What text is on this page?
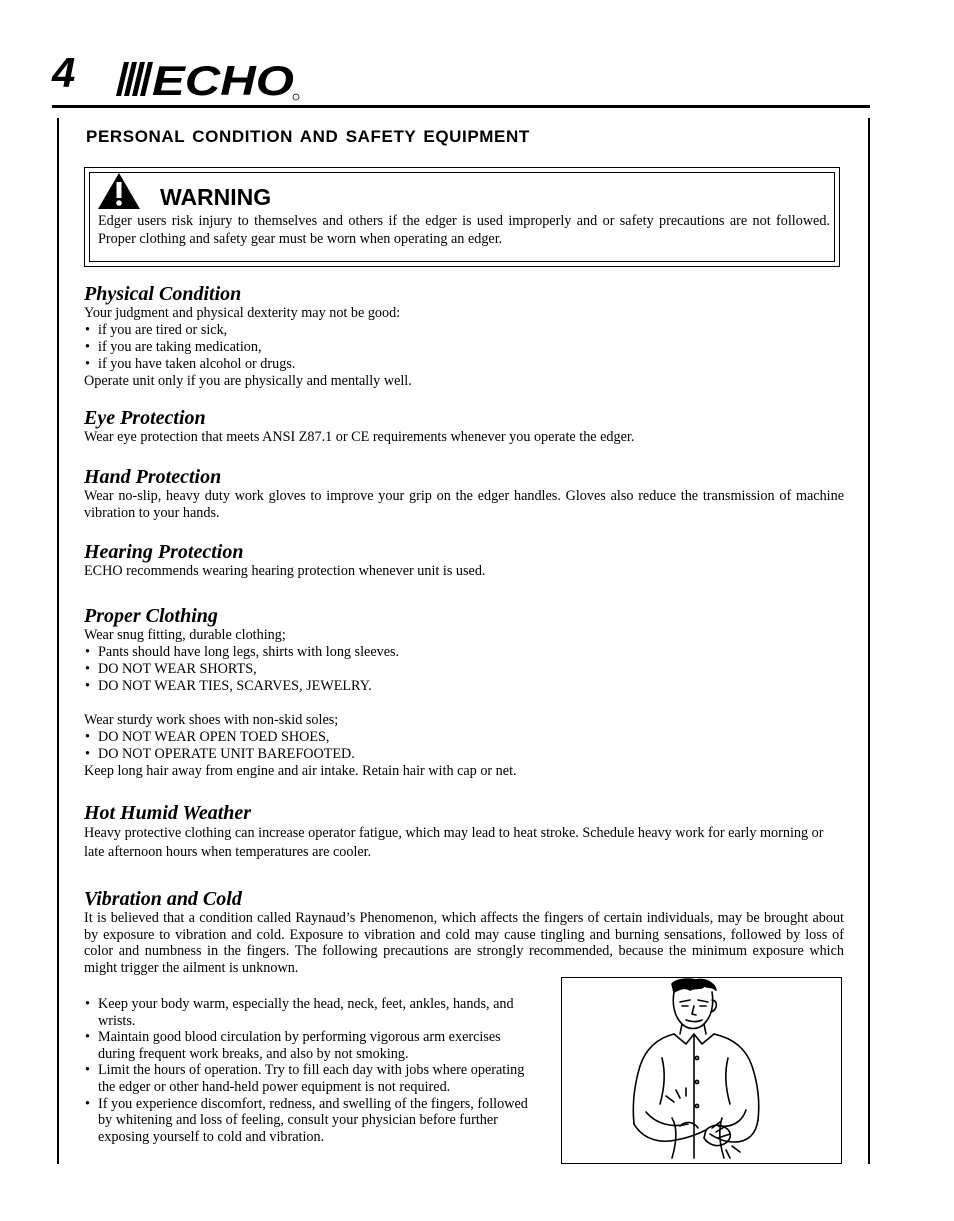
4 ECHO
PERSONAL CONDITION AND SAFETY EQUIPMENT
WARNING
Edger users risk injury to themselves and others if the edger is used improperly and or safety precautions are not followed. Proper clothing and safety gear must be worn when operating an edger.
Physical Condition
Your judgment and physical dexterity may not be good:
• if you are tired or sick,
• if you are taking medication,
• if you have taken alcohol or drugs.
Operate unit only if you are physically and mentally well.
Eye Protection
Wear eye protection that meets ANSI Z87.1 or CE requirements whenever you operate the edger.
Hand Protection
Wear no-slip, heavy duty work gloves to improve your grip on the edger handles. Gloves also reduce the transmission of machine vibration to your hands.
Hearing Protection
ECHO recommends wearing hearing protection whenever unit is used.
Proper Clothing
Wear snug fitting, durable clothing;
• Pants should have long legs, shirts with long sleeves.
• DO NOT WEAR SHORTS,
• DO NOT WEAR TIES, SCARVES, JEWELRY.
Wear sturdy work shoes with non-skid soles;
• DO NOT WEAR OPEN TOED SHOES,
• DO NOT OPERATE UNIT BAREFOOTED.
Keep long hair away from engine and air intake. Retain hair with cap or net.
Hot Humid Weather
Heavy protective clothing can increase operator fatigue, which may lead to heat stroke. Schedule heavy work for early morning or late afternoon hours when temperatures are cooler.
Vibration and Cold
It is believed that a condition called Raynaud’s Phenomenon, which affects the fingers of certain individuals, may be brought about by exposure to vibration and cold. Exposure to vibration and cold may cause tingling and burning sensations, followed by loss of color and numbness in the fingers. The following precautions are strongly recommended, because the minimum exposure which might trigger the ailment is unknown.
• Keep your body warm, especially the head, neck, feet, ankles, hands, and wrists.
• Maintain good blood circulation by performing vigorous arm exercises during frequent work breaks, and also by not smoking.
• Limit the hours of operation. Try to fill each day with jobs where operating the edger or other hand-held power equipment is not required.
• If you experience discomfort, redness, and swelling of the fingers, followed by whitening and loss of feeling, consult your physician before further exposing yourself to cold and vibration.
